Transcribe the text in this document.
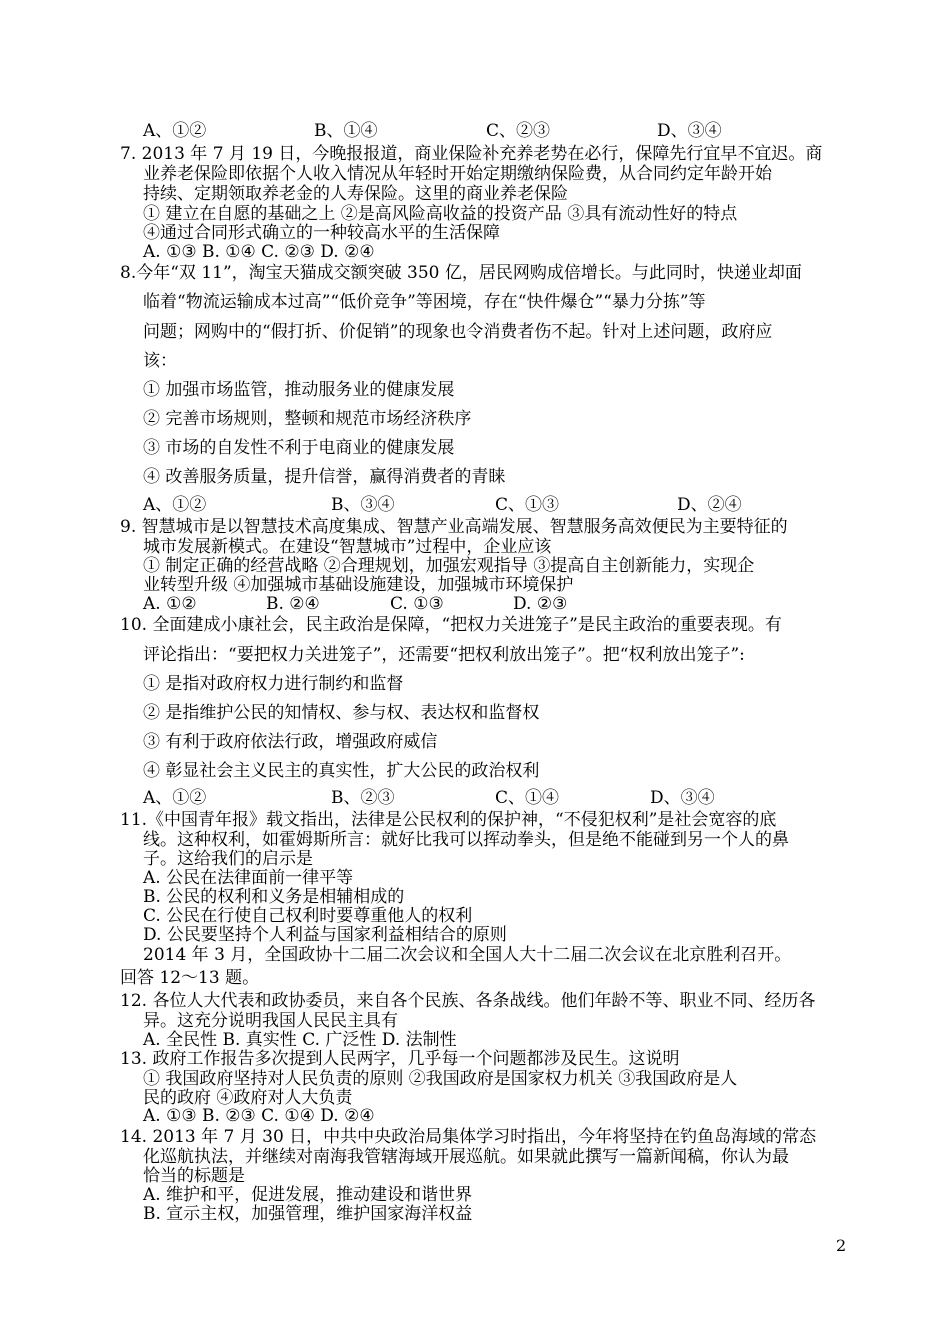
A、①②	B、①④	C、②③	D、③④
7. 2013 年 7 月 19 日，今晚报报道，商业保险补充养老势在必行，保障先行宜早不宜迟。商
业养老保险即依据个人收入情况从年轻时开始定期缴纳保险费，从合同约定年龄开始
持续、定期领取养老金的人寿保险。这里的商业养老保险
① 建立在自愿的基础之上 ②是高风险高收益的投资产品 ③具有流动性好的特点
④通过合同形式确立的一种较高水平的生活保障
A. ①③ B. ①④ C. ②③ D. ②④
8.今年“双 11”，淘宝天猫成交额突破 350 亿，居民网购成倍增长。与此同时，快递业却面
临着“物流运输成本过高”“低价竞争”等困境，存在“快件爆仓”“暴力分拣”等
问题；网购中的“假打折、价促销”的现象也令消费者伤不起。针对上述问题，政府应
该：
① 加强市场监管，推动服务业的健康发展
② 完善市场规则，整顿和规范市场经济秩序
③ 市场的自发性不利于电商业的健康发展
④ 改善服务质量，提升信誉，赢得消费者的青睐
A、①②	B、③④	C、①③	D、②④
9. 智慧城市是以智慧技术高度集成、智慧产业高端发展、智慧服务高效便民为主要特征的
城市发展新模式。在建设“智慧城市”过程中，企业应该
① 制定正确的经营战略 ②合理规划，加强宏观指导 ③提高自主创新能力，实现企
业转型升级 ④加强城市基础设施建设，加强城市环境保护
A. ①②	B. ②④	C. ①③	D. ②③
10. 全面建成小康社会，民主政治是保障，“把权力关进笼子”是民主政治的重要表现。有
评论指出：“要把权力关进笼子”，还需要“把权利放出笼子”。把“权利放出笼子”:
① 是指对政府权力进行制约和监督
② 是指维护公民的知情权、参与权、表达权和监督权
③ 有利于政府依法行政，增强政府威信
④ 彰显社会主义民主的真实性，扩大公民的政治权利
A、①②	B、②③	C、①④	D、③④
11.《中国青年报》载文指出，法律是公民权利的保护神，“不侵犯权利”是社会宽容的底
线。这种权利，如霍姆斯所言：就好比我可以挥动拳头，但是绝不能碰到另一个人的鼻
子。这给我们的启示是
A. 公民在法律面前一律平等
B. 公民的权利和义务是相辅相成的
C. 公民在行使自己权利时要尊重他人的权利
D. 公民要坚持个人利益与国家利益相结合的原则
2014 年 3 月，全国政协十二届二次会议和全国人大十二届二次会议在北京胜利召开。
回答 12～13 题。
12. 各位人大代表和政协委员，来自各个民族、各条战线。他们年龄不等、职业不同、经历各
异。这充分说明我国人民民主具有
A. 全民性 B. 真实性 C. 广泛性 D. 法制性
13. 政府工作报告多次提到人民两字，几乎每一个问题都涉及民生。这说明
① 我国政府坚持对人民负责的原则 ②我国政府是国家权力机关 ③我国政府是人
民的政府 ④政府对人大负责
A. ①③ B. ②③ C. ①④ D. ②④
14. 2013 年 7 月 30 日，中共中央政治局集体学习时指出，今年将坚持在钓鱼岛海域的常态
化巡航执法，并继续对南海我管辖海域开展巡航。如果就此撰写一篇新闻稿，你认为最
恰当的标题是
A. 维护和平，促进发展，推动建设和谐世界
B. 宣示主权，加强管理，维护国家海洋权益
2
